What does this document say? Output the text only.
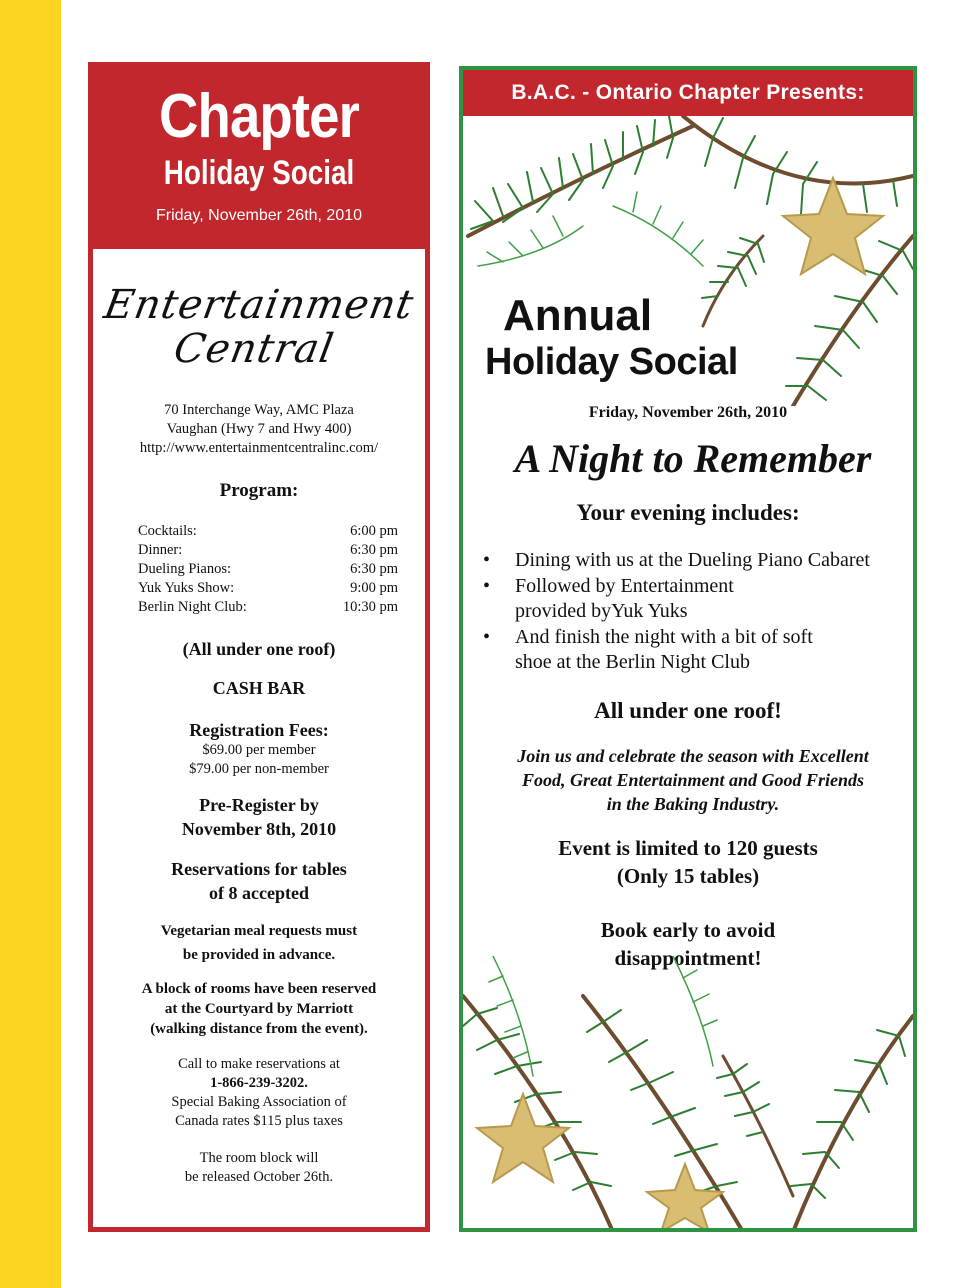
Chapter
Holiday Social
Friday, November 26th, 2010
Entertainment
Central
70 Interchange Way, AMC Plaza
Vaughan (Hwy 7 and Hwy 400)
http://www.entertainmentcentralinc.com/
Program:
Cocktails:	6:00 pm
Dinner:	6:30 pm
Dueling Pianos:	6:30 pm
Yuk Yuks Show:	9:00 pm
Berlin Night Club:	10:30 pm
(All under one roof)
CASH BAR
Registration Fees:
$69.00 per member
$79.00 per non-member
Pre-Register by
November 8th, 2010
Reservations for tables
of 8 accepted
Vegetarian meal requests must
be provided in advance.
A block of rooms have been reserved
at the Courtyard by Marriott
(walking distance from the event).
Call to make reservations at
1-866-239-3202.
Special Baking Association of
Canada rates $115 plus taxes
The room block will
be released October 26th.
B.A.C. - Ontario Chapter Presents:
Annual
Holiday Social
Friday, November 26th, 2010
A Night to Remember
Your evening includes:
• Dining with us at the Dueling Piano Cabaret
• Followed by Entertainment
provided byYuk Yuks
• And finish the night with a bit of soft
shoe at the Berlin Night Club
All under one roof!
Join us and celebrate the season with Excellent
Food, Great Entertainment and Good Friends
in the Baking Industry.
Event is limited to 120 guests
(Only 15 tables)
Book early to avoid
disappointment!
